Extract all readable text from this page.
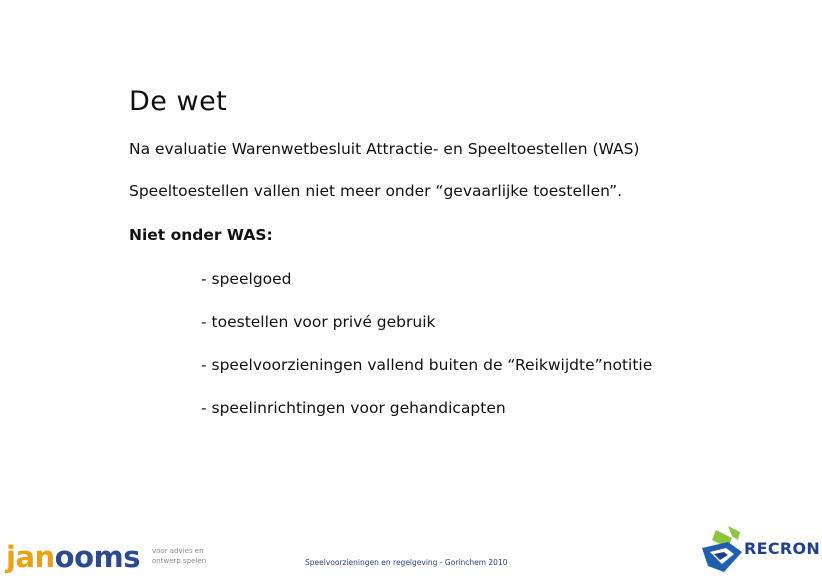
De wet
Na evaluatie Warenwetbesluit Attractie- en Speeltoestellen (WAS)
Speeltoestellen vallen niet meer onder “gevaarlijke toestellen”.
Niet onder WAS:
- speelgoed
- toestellen voor privé gebruik
- speelvoorzieningen vallend buiten de “Reikwijdte”notitie
- speelinrichtingen voor gehandicapten
janooms voor advies en ontwerp spelen	Speelvoorzieningen en regelgeving - Gorinchem 2010
RECRON
